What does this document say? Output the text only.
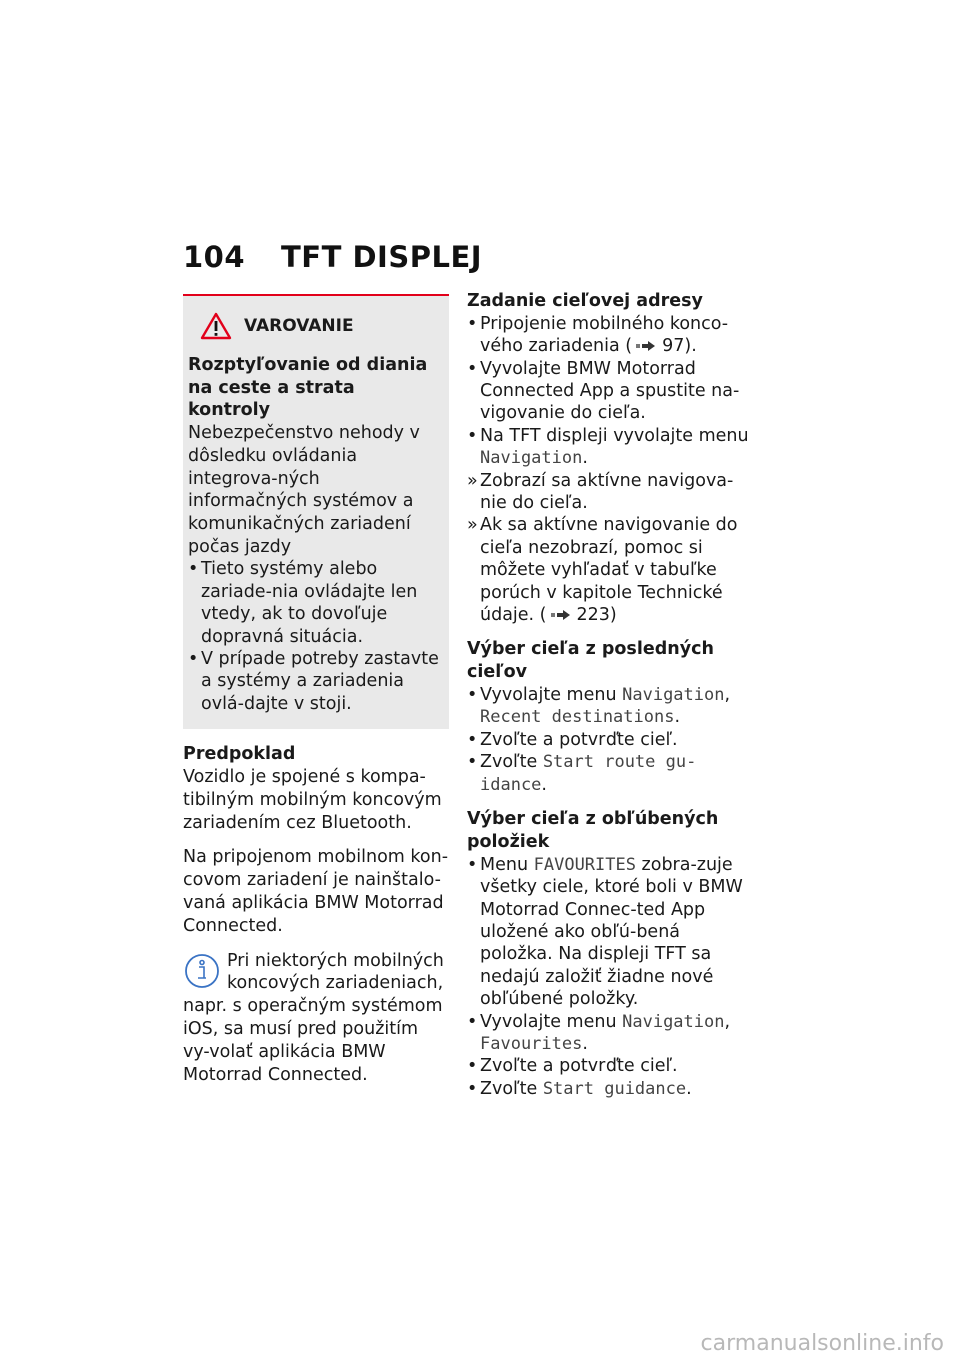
104 TFT DISPLEJ
VAROVANIE
Rozptyľovanie od diania na ceste a strata kontroly
Nebezpečenstvo nehody v dôsledku ovládania integrova-ných informačných systémov a komunikačných zariadení počas jazdy
• Tieto systémy alebo zariade-nia ovládajte len vtedy, ak to dovoľuje dopravná situácia.
• V prípade potreby zastavte a systémy a zariadenia ovlá-dajte v stoji.

Predpoklad

Vozidlo je spojené s kompa-tibilným mobilným koncovým zariadením cez Bluetooth.

Na pripojenom mobilnom kon-covom zariadení je nainštalo-vaná aplikácia BMW Motorrad Connected.

Pri niektorých mobilných
koncových zariadeniach,
napr. s operačným systémom iOS, sa musí pred použitím vy-volať aplikácia BMW Motorrad Connected.

Zadanie cieľovej adresy

• Pripojenie mobilného konco-vého zariadenia ( 97).
• Vyvolajte BMW Motorrad Connected App a spustite na-vigovanie do cieľa.
• Na TFT displeji vyvolajte menu Navigation.
» Zobrazí sa aktívne navigova-nie do cieľa.
» Ak sa aktívne navigovanie do cieľa nezobrazí, pomoc si môžete vyhľadať v tabuľke porúch v kapitole Technické údaje. ( 223)

Výber cieľa z posledných cieľov

• Vyvolajte menu Navigation, Recent destinations.
• Zvoľte a potvrďte cieľ.
• Zvoľte Start route gu-idance.

Výber cieľa z obľúbených položiek

• Menu FAVOURITES zobra-zuje všetky ciele, ktoré boli v BMW Motorrad Connec-ted App uložené ako obľú-bená položka. Na displeji TFT sa nedajú založiť žiadne nové obľúbené položky.
• Vyvolajte menu Navigation, Favourites.
• Zvoľte a potvrďte cieľ.
• Zvoľte Start guidance.
carmanualsonline.info
